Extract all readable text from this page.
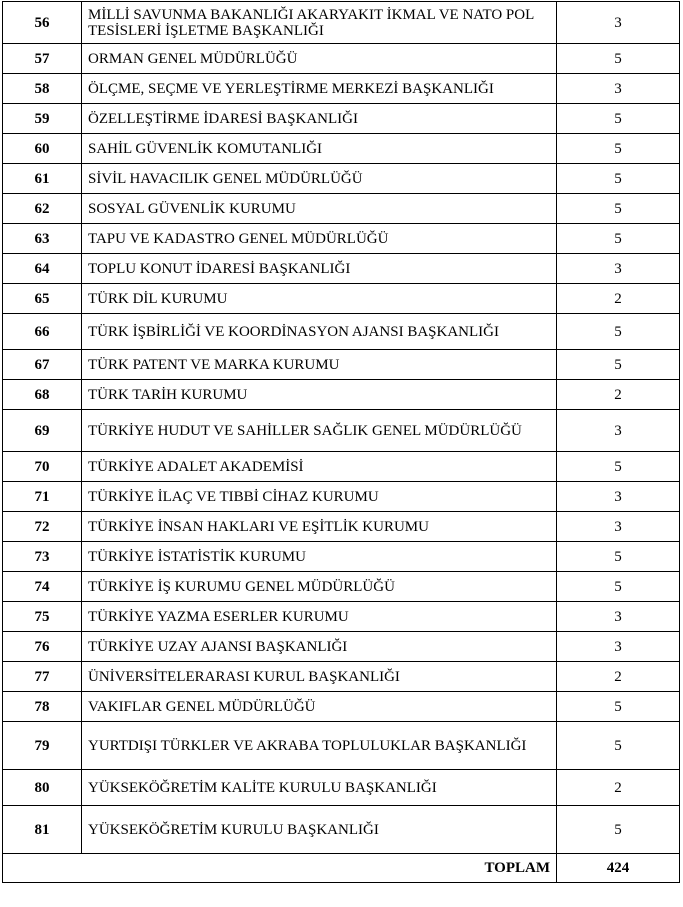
56	MİLLİ SAVUNMA BAKANLIĞI AKARYAKIT İKMAL VE NATO POL TESİSLERİ İŞLETME BAŞKANLIĞI	3
57	ORMAN GENEL MÜDÜRLÜĞÜ	5
58	ÖLÇME, SEÇME VE YERLEŞTİRME MERKEZİ BAŞKANLIĞI	3
59	ÖZELLEŞTİRME İDARESİ BAŞKANLIĞI	5
60	SAHİL GÜVENLİK KOMUTANLIĞI	5
61	SİVİL HAVACILIK GENEL MÜDÜRLÜĞÜ	5
62	SOSYAL GÜVENLİK KURUMU	5
63	TAPU VE KADASTRO GENEL MÜDÜRLÜĞÜ	5
64	TOPLU KONUT İDARESİ BAŞKANLIĞI	3
65	TÜRK DİL KURUMU	2
66	TÜRK İŞBİRLİĞİ VE KOORDİNASYON AJANSI BAŞKANLIĞI	5
67	TÜRK PATENT VE MARKA KURUMU	5
68	TÜRK TARİH KURUMU	2
69	TÜRKİYE HUDUT VE SAHİLLER SAĞLIK GENEL MÜDÜRLÜĞÜ	3
70	TÜRKİYE ADALET AKADEMİSİ	5
71	TÜRKİYE İLAÇ VE TIBBİ CİHAZ KURUMU	3
72	TÜRKİYE İNSAN HAKLARI VE EŞİTLİK KURUMU	3
73	TÜRKİYE İSTATİSTİK KURUMU	5
74	TÜRKİYE İŞ KURUMU GENEL MÜDÜRLÜĞÜ	5
75	TÜRKİYE YAZMA ESERLER KURUMU	3
76	TÜRKİYE UZAY AJANSI BAŞKANLIĞI	3
77	ÜNİVERSİTELERARASI KURUL BAŞKANLIĞI	2
78	VAKIFLAR GENEL MÜDÜRLÜĞÜ	5
79	YURTDIŞI TÜRKLER VE AKRABA TOPLULUKLAR BAŞKANLIĞI	5
80	YÜKSEKÖĞRETİM KALİTE KURULU BAŞKANLIĞI	2
81	YÜKSEKÖĞRETİM KURULU BAŞKANLIĞI	5
TOPLAM		424
